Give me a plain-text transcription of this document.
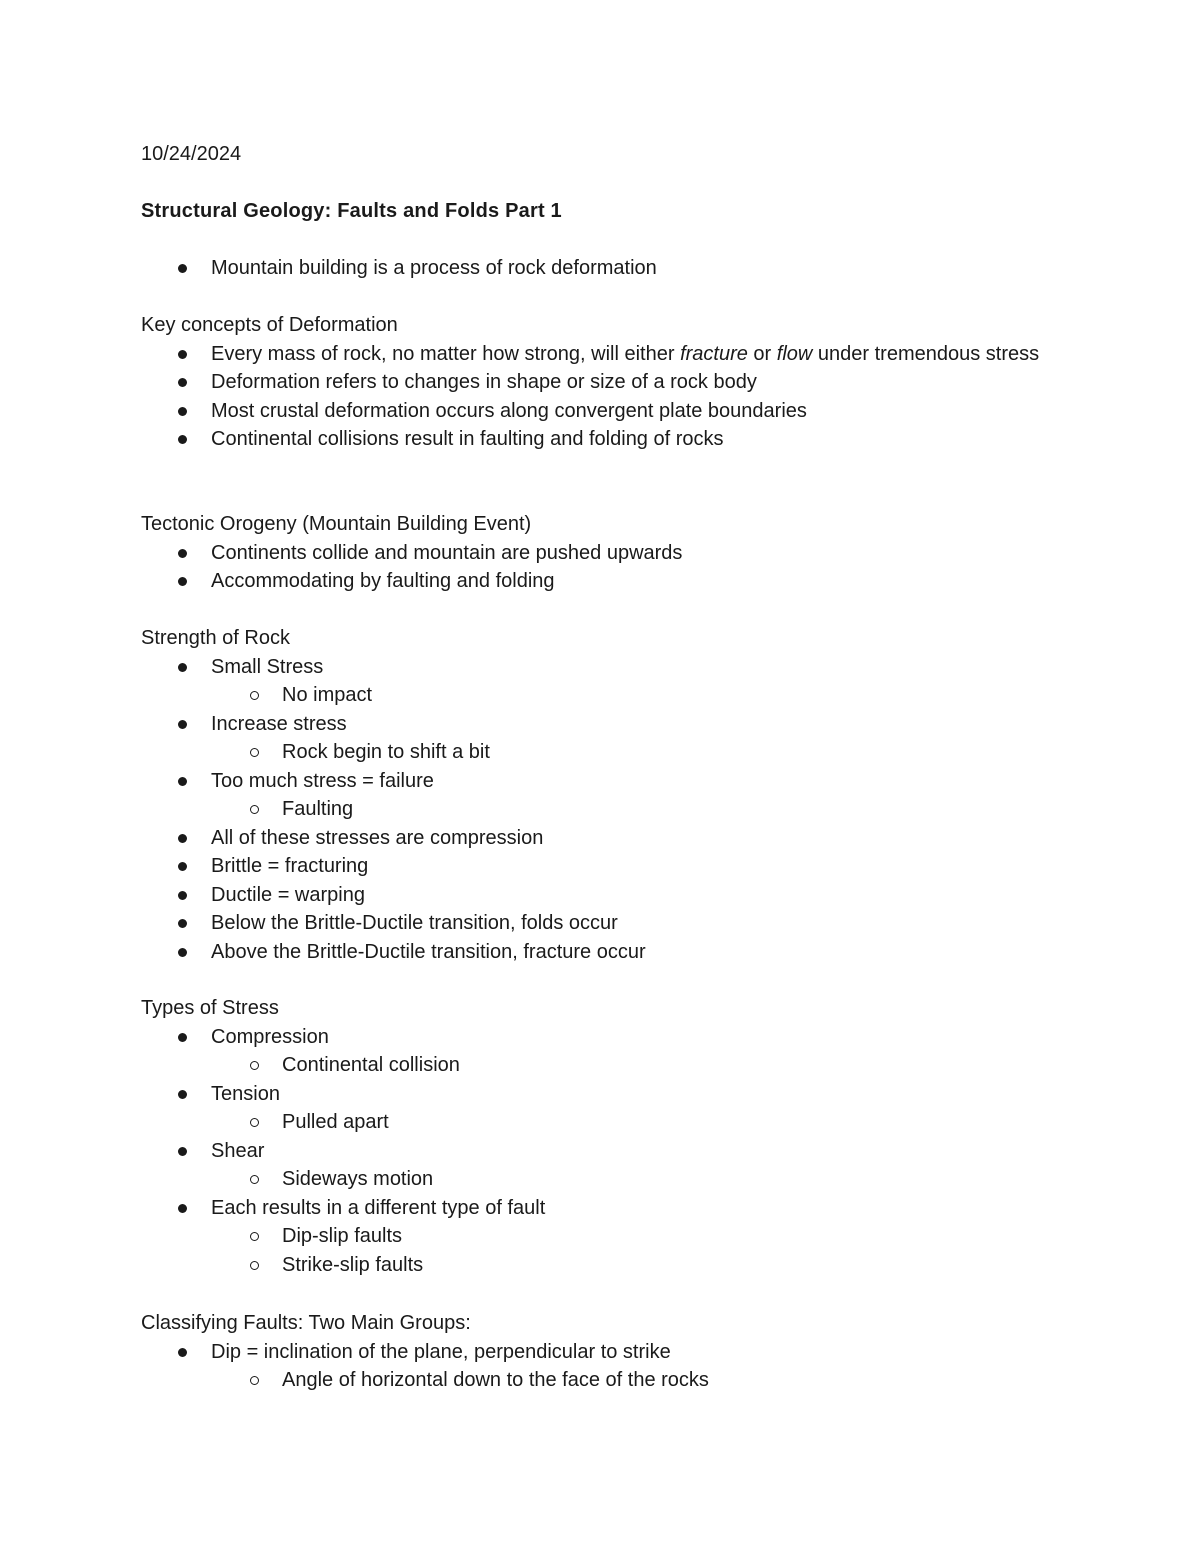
10/24/2024
Structural Geology: Faults and Folds Part 1
Mountain building is a process of rock deformation

Key concepts of Deformation

Every mass of rock, no matter how strong, will either fracture or flow under tremendous stress
Deformation refers to changes in shape or size of a rock body
Most crustal deformation occurs along convergent plate boundaries
Continental collisions result in faulting and folding of rocks

Tectonic Orogeny (Mountain Building Event)

Continents collide and mountain are pushed upwards
Accommodating by faulting and folding

Strength of Rock

Small Stress
No impact
Increase stress
Rock begin to shift a bit
Too much stress = failure
Faulting
All of these stresses are compression
Brittle = fracturing
Ductile = warping
Below the Brittle-Ductile transition, folds occur
Above the Brittle-Ductile transition, fracture occur

Types of Stress

Compression
Continental collision
Tension
Pulled apart
Shear
Sideways motion
Each results in a different type of fault
Dip-slip faults
Strike-slip faults

Classifying Faults: Two Main Groups:

Dip = inclination of the plane, perpendicular to strike
Angle of horizontal down to the face of the rocks
